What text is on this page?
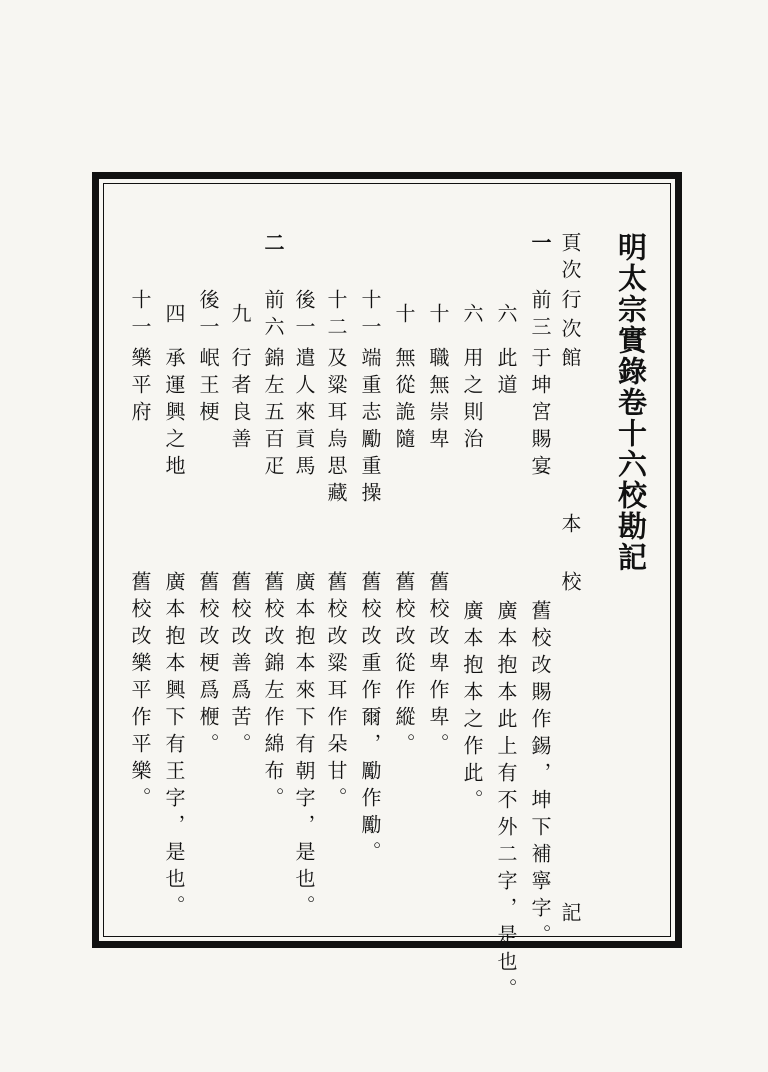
明太宗實錄卷十六校勘記
頁次
行
次
館
本
校
記
一
二
前三
于坤宮賜宴
舊校改賜作錫，坤下補寧字。
六
此道
廣本抱本此上有不外二字，是也。
六
用之則治
廣本抱本之作此。
十
職無崇卑
舊校改卑作卑。
十
無從詭隨
舊校改從作縱。
十一
端重志勵重操
舊校改重作爾，勵作勵。
十二
及粱耳烏思藏
舊校改粱耳作朵甘。
後一
遣人來貢馬
廣本抱本來下有朝字，是也。
前六
錦左五百疋
舊校改錦左作綿布。
九
行者良善
舊校改善爲苦。
後一
岷王梗
舊校改梗爲楩。
四
承運興之地
廣本抱本興下有王字，是也。
十一
樂平府
舊校改樂平作平樂。
